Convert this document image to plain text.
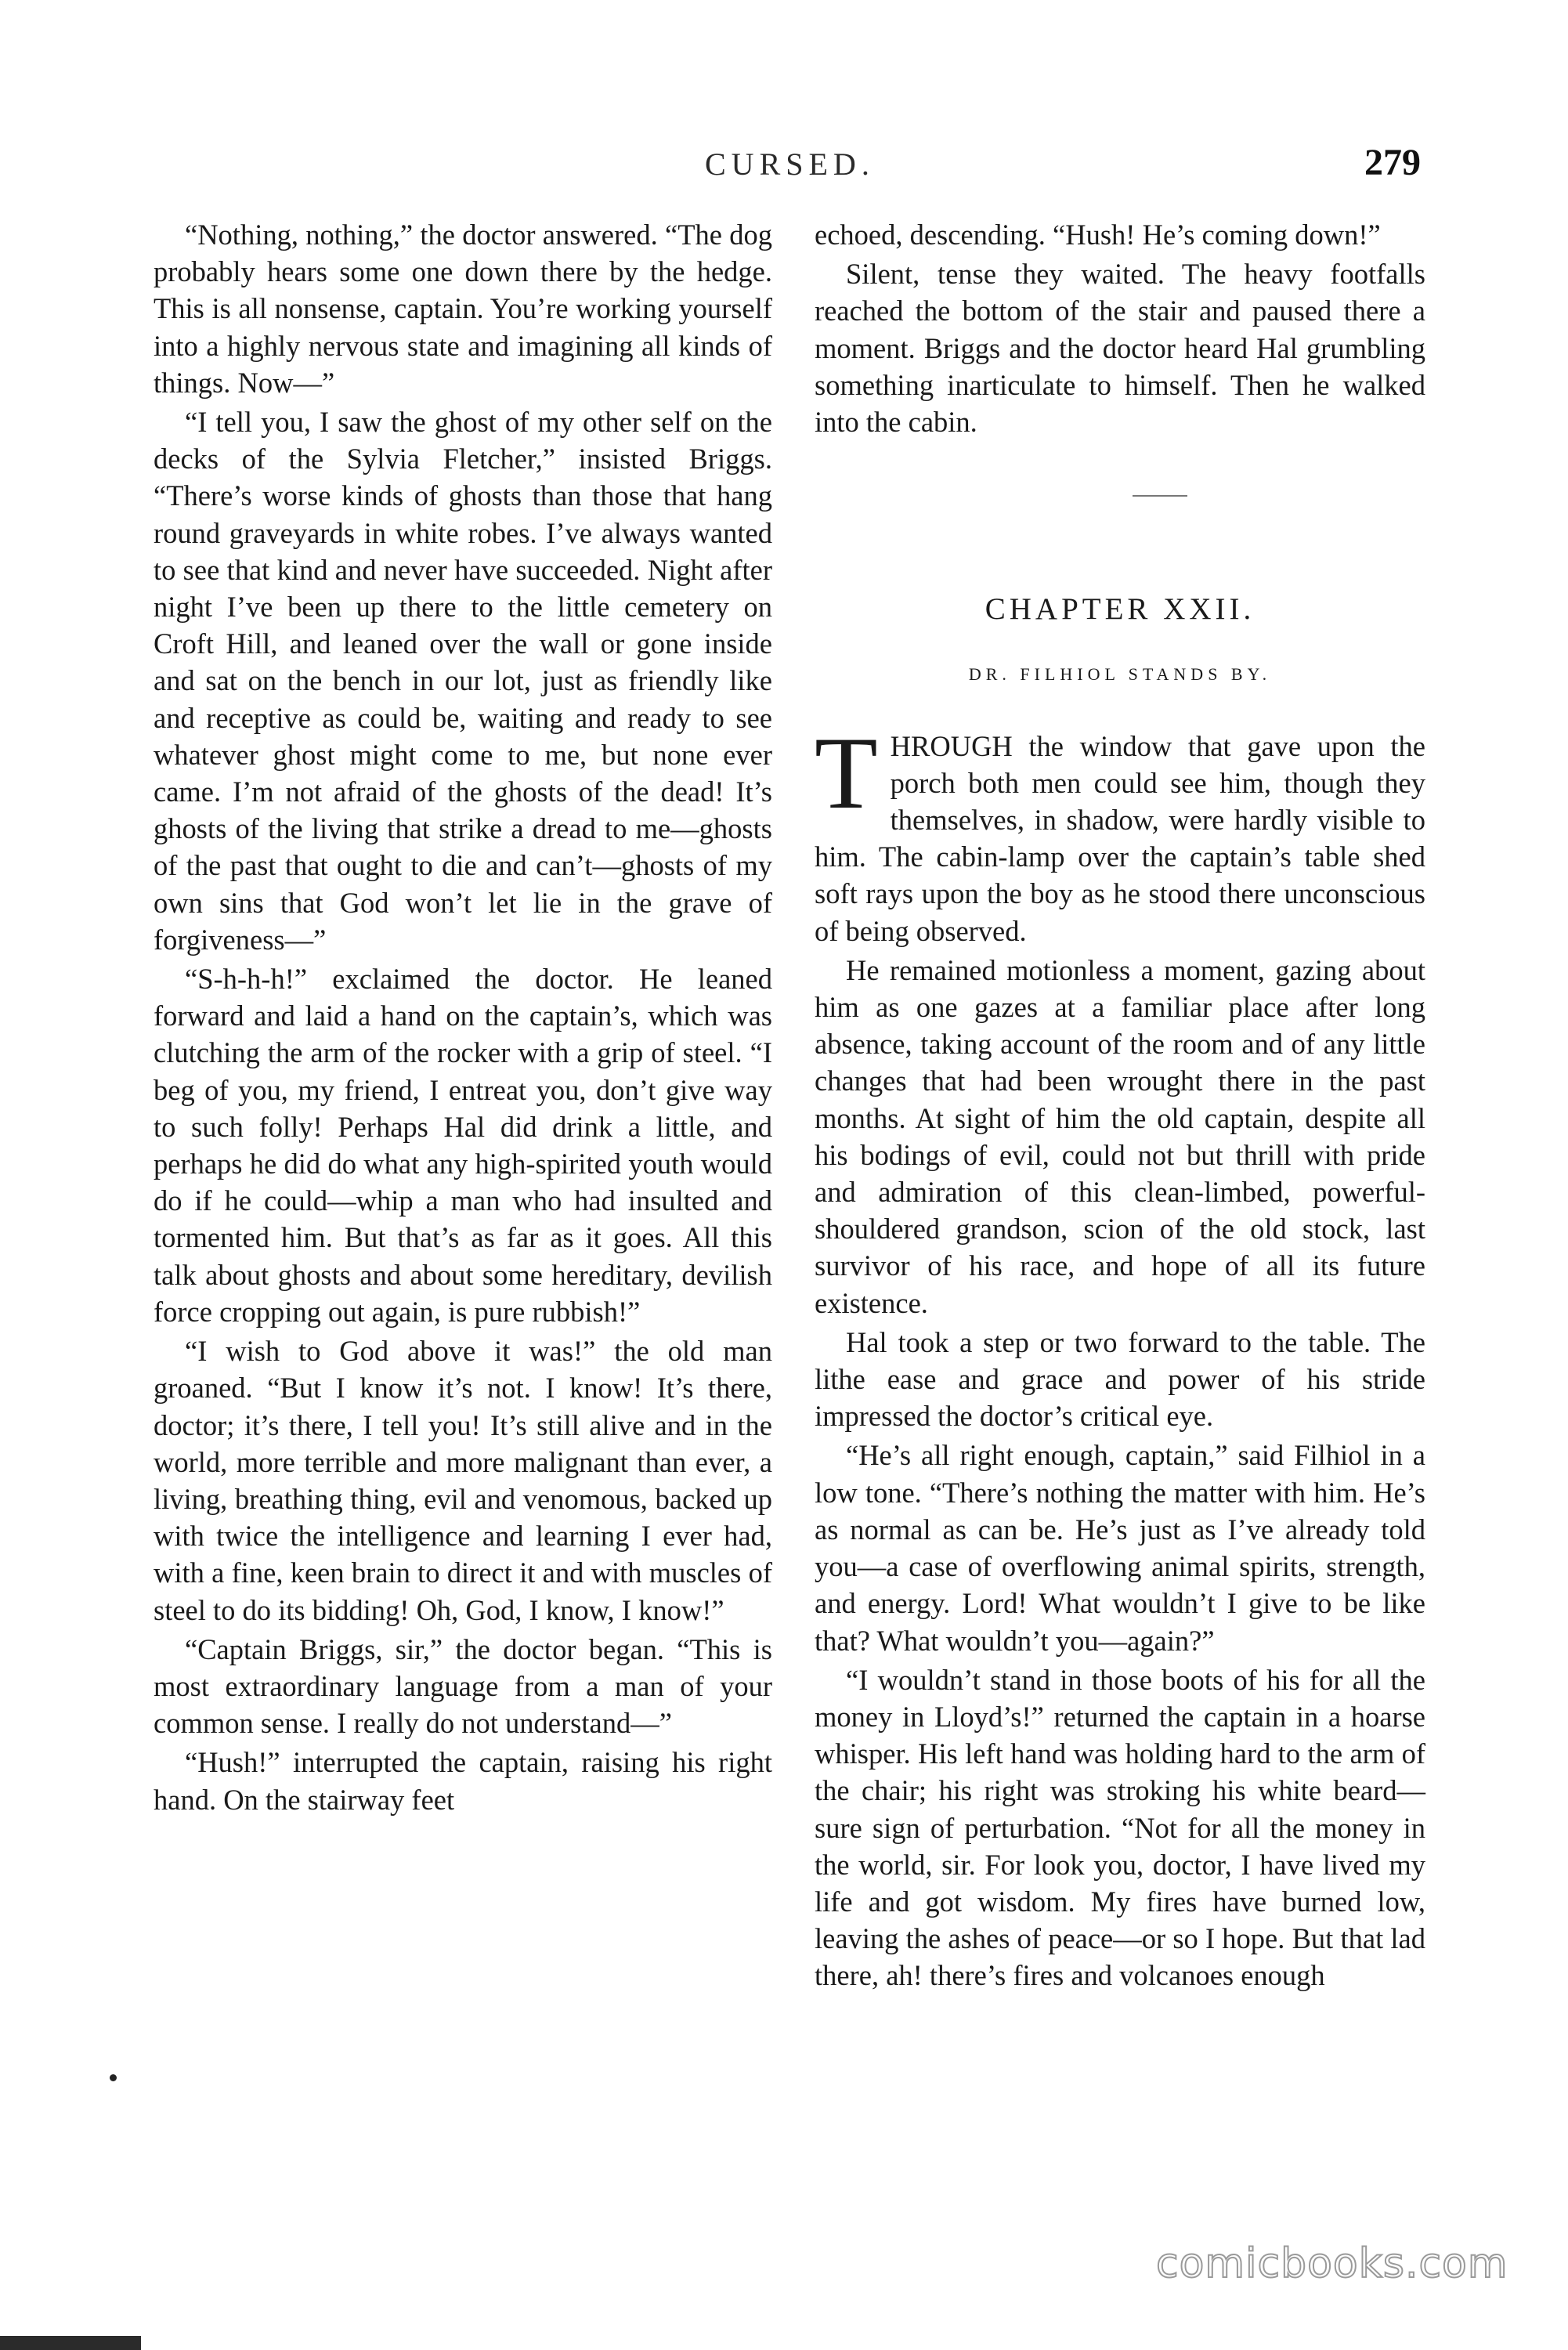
CURSED.	279

“Nothing, nothing,” the doctor answered. “The dog probably hears some one down there by the hedge. This is all nonsense, captain. You’re working yourself into a highly nervous state and imagining all kinds of things. Now—”

“I tell you, I saw the ghost of my other self on the decks of the Sylvia Fletcher,” insisted Briggs. “There’s worse kinds of ghosts than those that hang round graveyards in white robes. I’ve always wanted to see that kind and never have succeeded. Night after night I’ve been up there to the little cemetery on Croft Hill, and leaned over the wall or gone inside and sat on the bench in our lot, just as friendly like and receptive as could be, waiting and ready to see whatever ghost might come to me, but none ever came. I’m not afraid of the ghosts of the dead! It’s ghosts of the living that strike a dread to me—ghosts of the past that ought to die and can’t—ghosts of my own sins that God won’t let lie in the grave of forgiveness—”

“S-h-h-h!” exclaimed the doctor. He leaned forward and laid a hand on the captain’s, which was clutching the arm of the rocker with a grip of steel. “I beg of you, my friend, I entreat you, don’t give way to such folly! Perhaps Hal did drink a little, and perhaps he did do what any high-spirited youth would do if he could—whip a man who had insulted and tormented him. But that’s as far as it goes. All this talk about ghosts and about some hereditary, devilish force cropping out again, is pure rubbish!”

“I wish to God above it was!” the old man groaned. “But I know it’s not. I know! It’s there, doctor; it’s there, I tell you! It’s still alive and in the world, more terrible and more malignant than ever, a living, breathing thing, evil and venomous, backed up with twice the intelligence and learning I ever had, with a fine, keen brain to direct it and with muscles of steel to do its bidding! Oh, God, I know, I know!”

“Captain Briggs, sir,” the doctor began. “This is most extraordinary language from a man of your common sense. I really do not understand—”

“Hush!” interrupted the captain, raising his right hand. On the stairway feet

echoed, descending. “Hush! He’s coming down!”

Silent, tense they waited. The heavy footfalls reached the bottom of the stair and paused there a moment. Briggs and the doctor heard Hal grumbling something inarticulate to himself. Then he walked into the cabin.

CHAPTER XXII.
DR. FILHIOL STANDS BY.

THROUGH the window that gave upon the porch both men could see him, though they themselves, in shadow, were hardly visible to him. The cabin-lamp over the captain’s table shed soft rays upon the boy as he stood there unconscious of being observed.

He remained motionless a moment, gazing about him as one gazes at a familiar place after long absence, taking account of the room and of any little changes that had been wrought there in the past months. At sight of him the old captain, despite all his bodings of evil, could not but thrill with pride and admiration of this clean-limbed, powerful-shouldered grandson, scion of the old stock, last survivor of his race, and hope of all its future existence.

Hal took a step or two forward to the table. The lithe ease and grace and power of his stride impressed the doctor’s critical eye.

“He’s all right enough, captain,” said Filhiol in a low tone. “There’s nothing the matter with him. He’s as normal as can be. He’s just as I’ve already told you—a case of overflowing animal spirits, strength, and energy. Lord! What wouldn’t I give to be like that? What wouldn’t you—again?”

“I wouldn’t stand in those boots of his for all the money in Lloyd’s!” returned the captain in a hoarse whisper. His left hand was holding hard to the arm of the chair; his right was stroking his white beard—sure sign of perturbation. “Not for all the money in the world, sir. For look you, doctor, I have lived my life and got wisdom. My fires have burned low, leaving the ashes of peace—or so I hope. But that lad there, ah! there’s fires and volcanoes enough

comicbooks.com
